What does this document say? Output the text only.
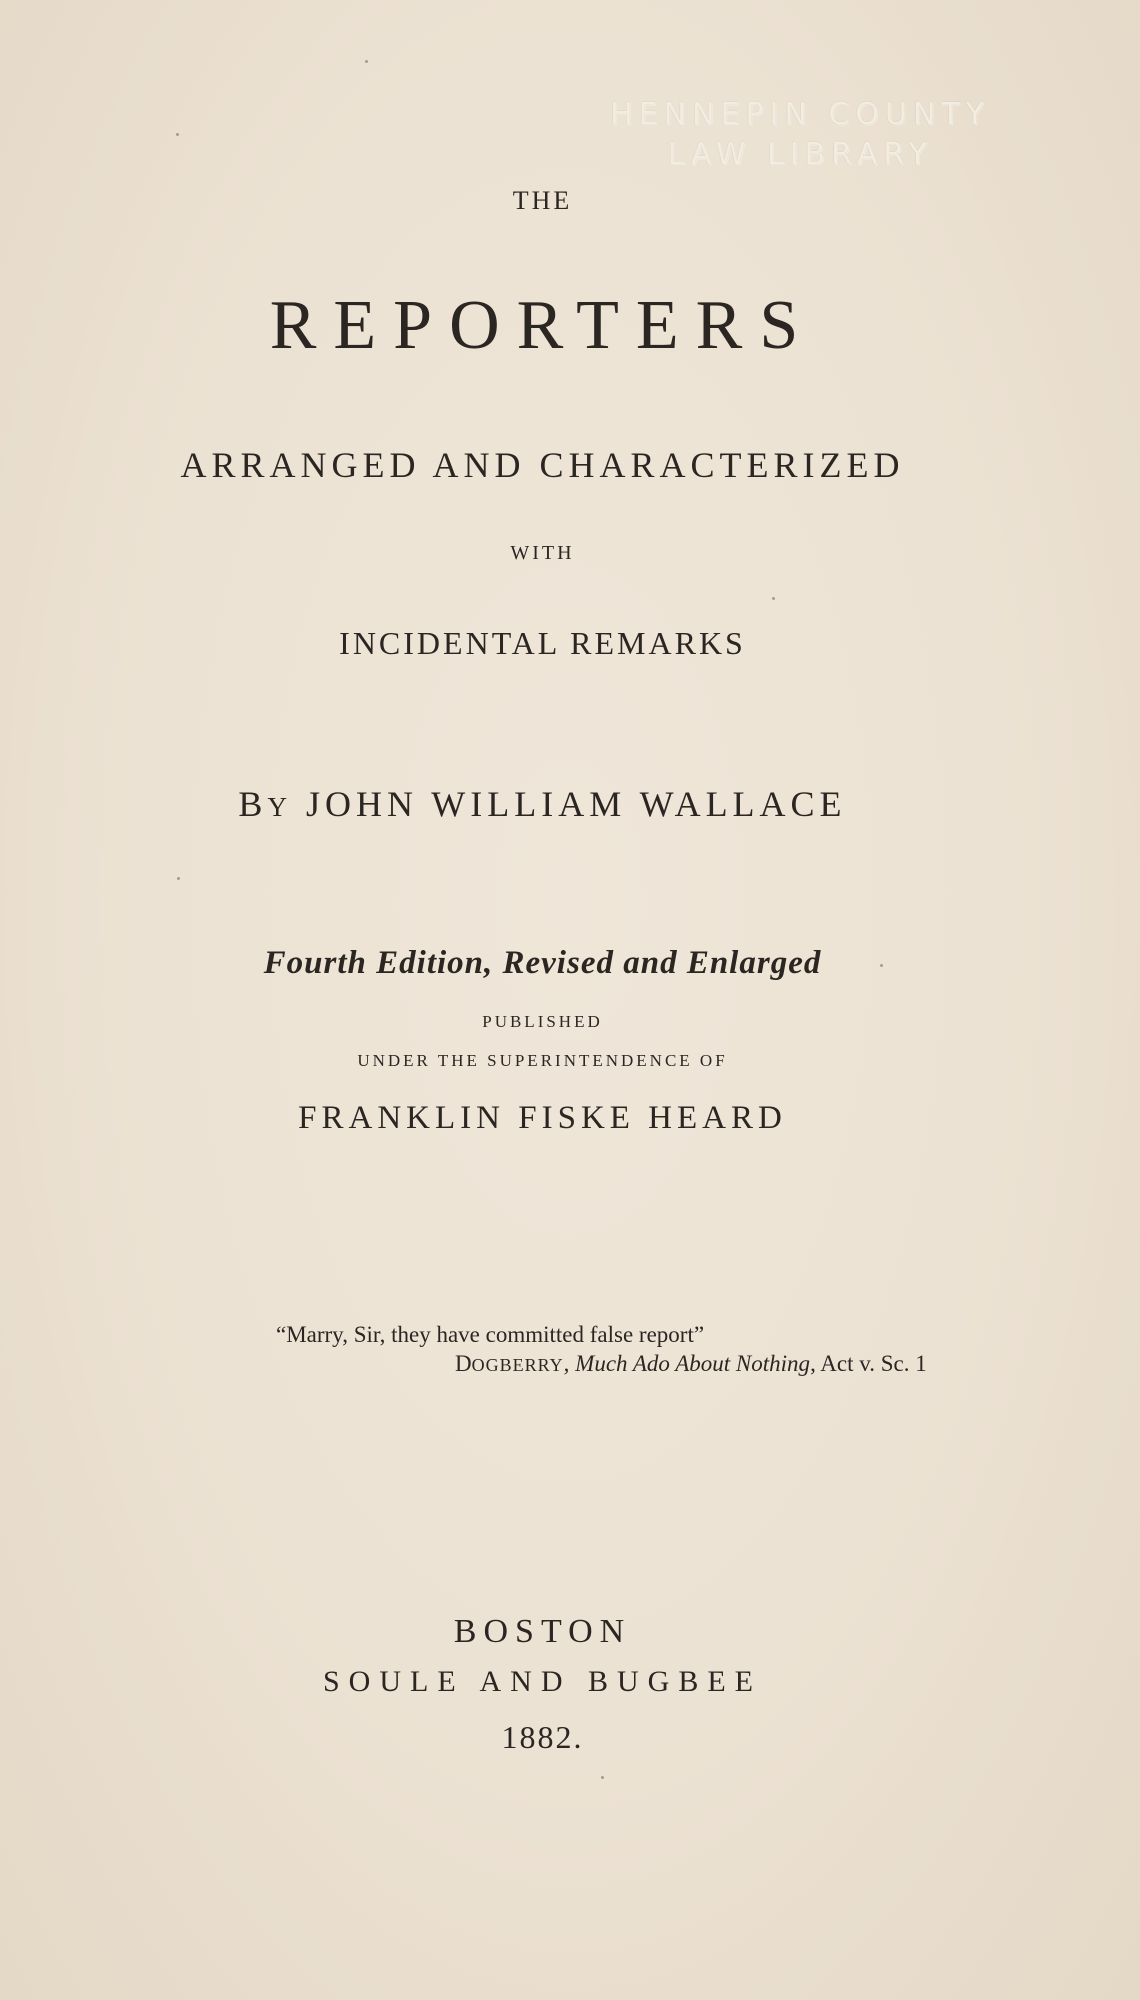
HENNEPIN COUNTY
LAW LIBRARY
THE
REPORTERS
ARRANGED AND CHARACTERIZED
WITH
INCIDENTAL REMARKS
BY JOHN WILLIAM WALLACE
Fourth Edition, Revised and Enlarged
PUBLISHED
UNDER THE SUPERINTENDENCE OF
FRANKLIN FISKE HEARD
“Marry, Sir, they have committed false report”
DOGBERRY, Much Ado About Nothing, Act v. Sc. 1
BOSTON
SOULE AND BUGBEE
1882.
